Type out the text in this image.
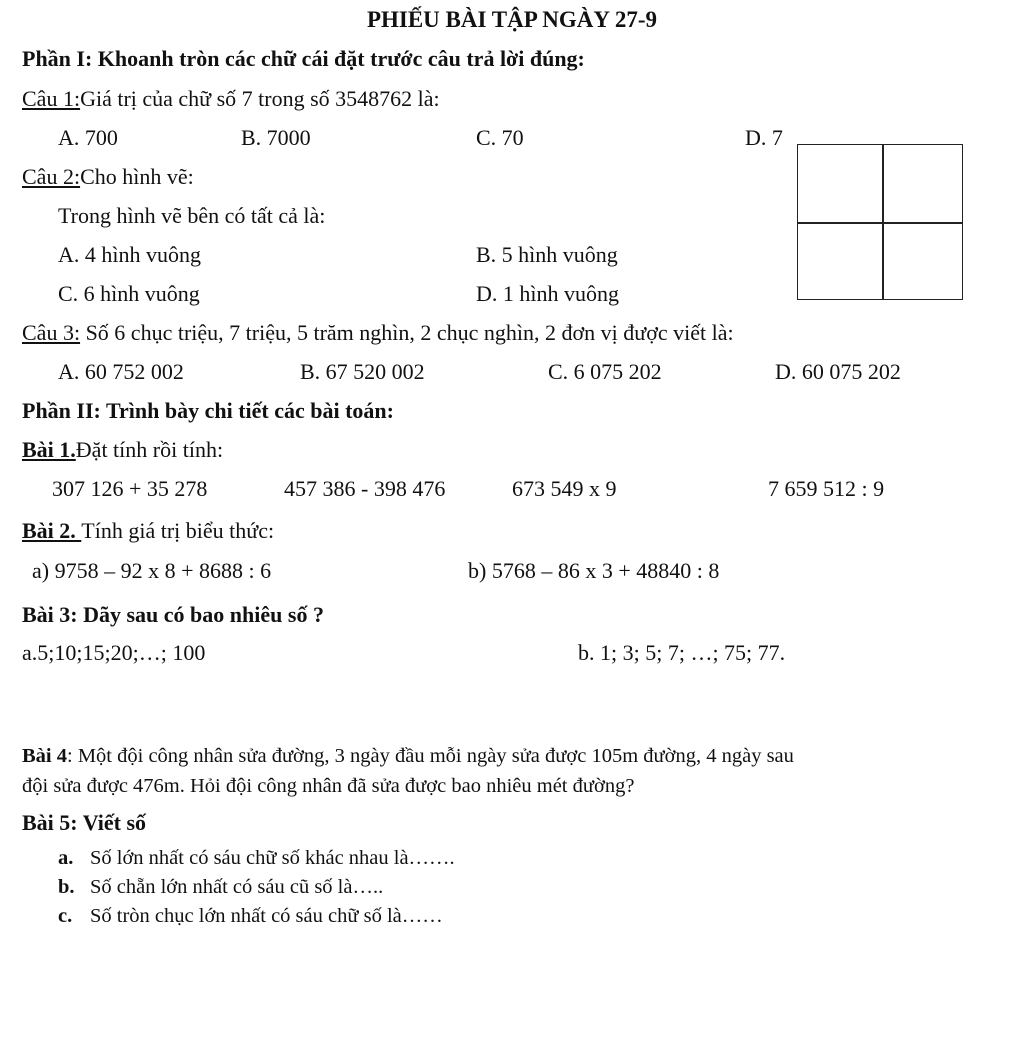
PHIẾU BÀI TẬP NGÀY 27-9
Phần I: Khoanh tròn các chữ cái đặt trước câu trả lời đúng:
Câu 1:Giá trị của chữ số 7 trong số 3548762 là:
A. 700	B. 7000	C. 70	D. 7
Câu 2:Cho hình vẽ:
Trong hình vẽ bên có tất cả là:
A. 4 hình vuông	B. 5 hình vuông
C. 6 hình vuông	D. 1 hình vuông
Câu 3: Số 6 chục triệu, 7 triệu, 5 trăm nghìn, 2 chục nghìn, 2 đơn vị được viết là:
A. 60 752 002	B. 67 520 002	C. 6 075 202	D. 60 075 202
Phần II: Trình bày chi tiết các bài toán:
Bài 1.Đặt tính rồi tính:
307 126 + 35 278	457 386 - 398 476	673 549 x 9	7 659 512 : 9
Bài 2. Tính giá trị biểu thức:
a) 9758 – 92 x 8 + 8688 : 6	b) 5768 – 86 x 3 + 48840 : 8
Bài 3: Dãy sau có bao nhiêu số ?
a.5;10;15;20;…; 100	b. 1; 3; 5; 7; …; 75; 77.
Bài 4: Một đội công nhân sửa đường, 3 ngày đầu mỗi ngày sửa được 105m đường, 4 ngày sau
đội sửa được 476m. Hỏi đội công nhân đã sửa được bao nhiêu mét đường?
Bài 5: Viết số
a. Số lớn nhất có sáu chữ số khác nhau là…….
b. Số chẵn lớn nhất có sáu cũ số là…..
c. Số tròn chục lớn nhất có sáu chữ số là……
